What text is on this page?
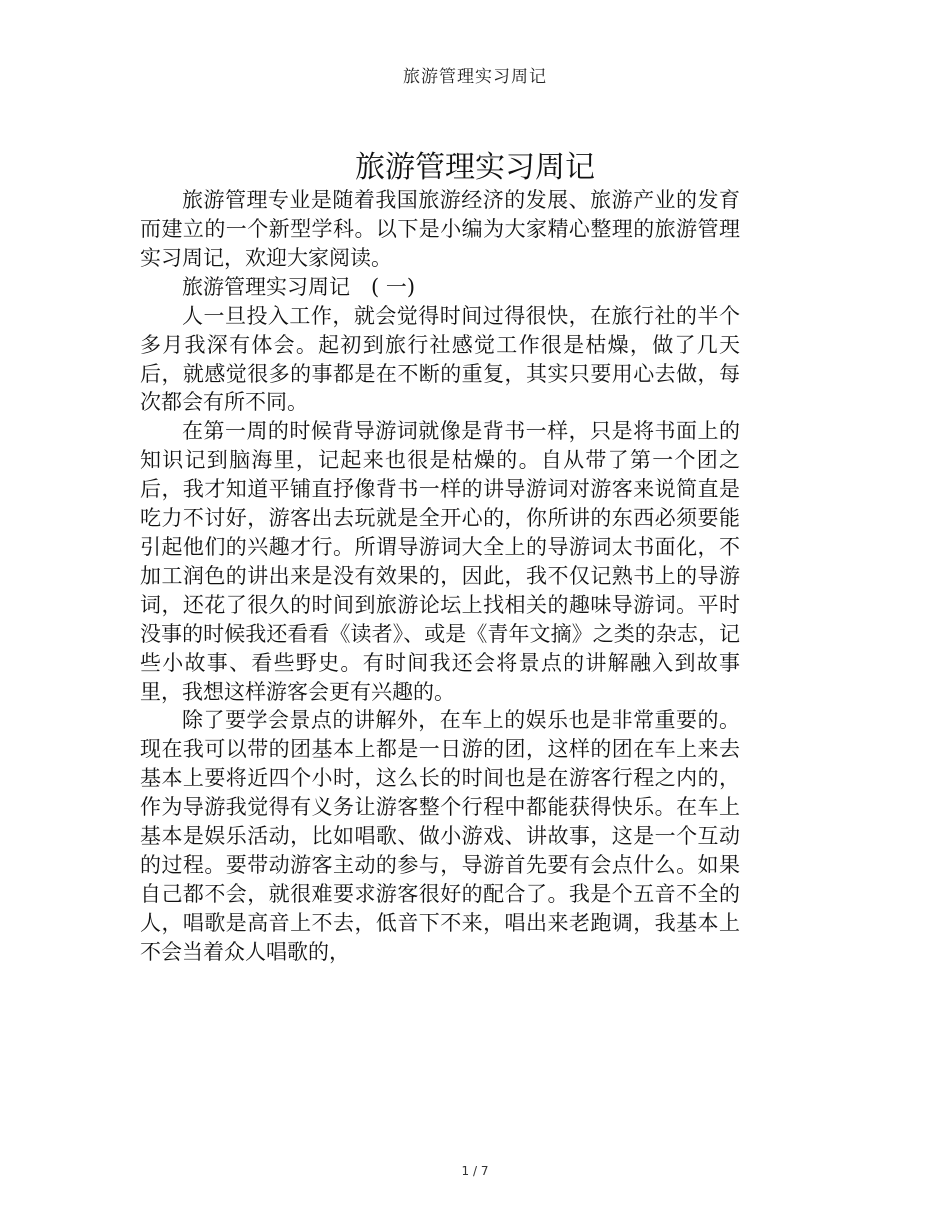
旅游管理实习周记
旅游管理实习周记

旅游管理专业是随着我国旅游经济的发展、旅游产业的发育而建立的一个新型学科。以下是小编为大家精心整理的旅游管理实习周记，欢迎大家阅读。

旅游管理实习周记　( 一)

人一旦投入工作，就会觉得时间过得很快，在旅行社的半个多月我深有体会。起初到旅行社感觉工作很是枯燥，做了几天后，就感觉很多的事都是在不断的重复，其实只要用心去做，每次都会有所不同。

在第一周的时候背导游词就像是背书一样，只是将书面上的知识记到脑海里，记起来也很是枯燥的。自从带了第一个团之后，我才知道平铺直抒像背书一样的讲导游词对游客来说简直是吃力不讨好，游客出去玩就是全开心的，你所讲的东西必须要能引起他们的兴趣才行。所谓导游词大全上的导游词太书面化，不加工润色的讲出来是没有效果的，因此，我不仅记熟书上的导游词，还花了很久的时间到旅游论坛上找相关的趣味导游词。平时没事的时候我还看看《读者》、或是《青年文摘》之类的杂志，记些小故事、看些野史。有时间我还会将景点的讲解融入到故事里，我想这样游客会更有兴趣的。

除了要学会景点的讲解外，在车上的娱乐也是非常重要的。现在我可以带的团基本上都是一日游的团，这样的团在车上来去基本上要将近四个小时，这么长的时间也是在游客行程之内的，作为导游我觉得有义务让游客整个行程中都能获得快乐。在车上基本是娱乐活动，比如唱歌、做小游戏、讲故事，这是一个互动的过程。要带动游客主动的参与，导游首先要有会点什么。如果自己都不会，就很难要求游客很好的配合了。我是个五音不全的人，唱歌是高音上不去，低音下不来，唱出来老跑调，我基本上不会当着众人唱歌的，

1 / 7
